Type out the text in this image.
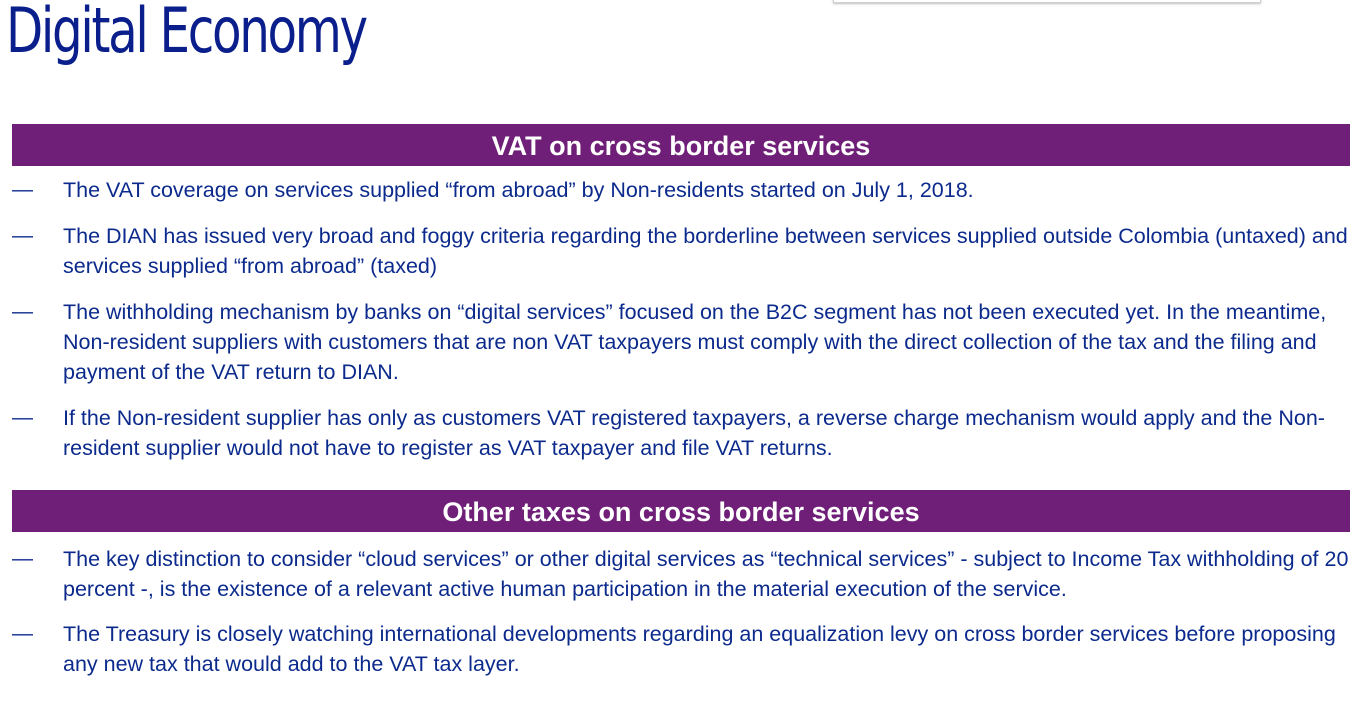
Digital Economy
VAT on cross border services
— The VAT coverage on services supplied “from abroad” by Non-residents started on July 1, 2018.
— The DIAN has issued very broad and foggy criteria regarding the borderline between services supplied outside Colombia (untaxed) and services supplied “from abroad” (taxed)
— The withholding mechanism by banks on “digital services” focused on the B2C segment has not been executed yet. In the meantime, Non-resident suppliers with customers that are non VAT taxpayers must comply with the direct collection of the tax and the filing and payment of the VAT return to DIAN.
— If the Non-resident supplier has only as customers VAT registered taxpayers, a reverse charge mechanism would apply and the Non-resident supplier would not have to register as VAT taxpayer and file VAT returns.
Other taxes on cross border services
— The key distinction to consider “cloud services” or other digital services as “technical services” - subject to Income Tax withholding of 20 percent -, is the existence of a relevant active human participation in the material execution of the service.
— The Treasury is closely watching international developments regarding an equalization levy on cross border services before proposing any new tax that would add to the VAT tax layer.
